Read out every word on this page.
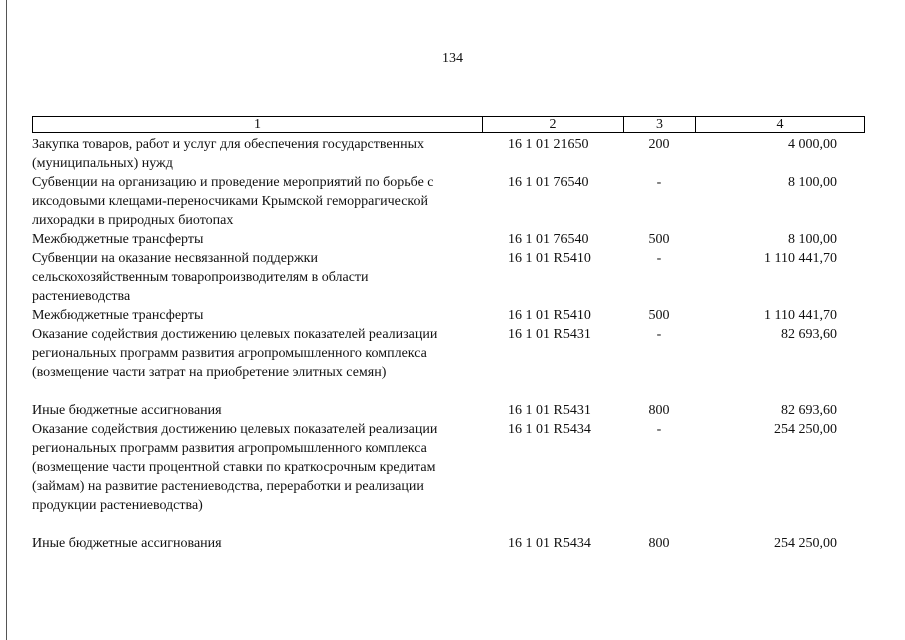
134
1	2	3	4
Закупка товаров, работ и услуг для обеспечения государственных
(муниципальных) нужд
16 1 01 21650	200	4 000,00
Субвенции на организацию и проведение мероприятий по борьбе с
иксодовыми клещами-переносчиками Крымской геморрагической
лихорадки в природных биотопах
16 1 01 76540	-	8 100,00
Межбюджетные трансферты	16 1 01 76540	500	8 100,00
Субвенции на оказание несвязанной поддержки
сельскохозяйственным товаропроизводителям в области
растениеводства
16 1 01 R5410	-	1 110 441,70
Межбюджетные трансферты	16 1 01 R5410	500	1 110 441,70
Оказание содействия достижению целевых показателей реализации
региональных программ развития агропромышленного комплекса
(возмещение части затрат на приобретение элитных семян)
16 1 01 R5431	-	82 693,60
Иные бюджетные ассигнования	16 1 01 R5431	800	82 693,60
Оказание содействия достижению целевых показателей реализации
региональных программ развития агропромышленного комплекса
(возмещение части процентной ставки по краткосрочным кредитам
(займам) на развитие растениеводства, переработки и реализации
продукции растениеводства)
16 1 01 R5434	-	254 250,00
Иные бюджетные ассигнования	16 1 01 R5434	800	254 250,00
